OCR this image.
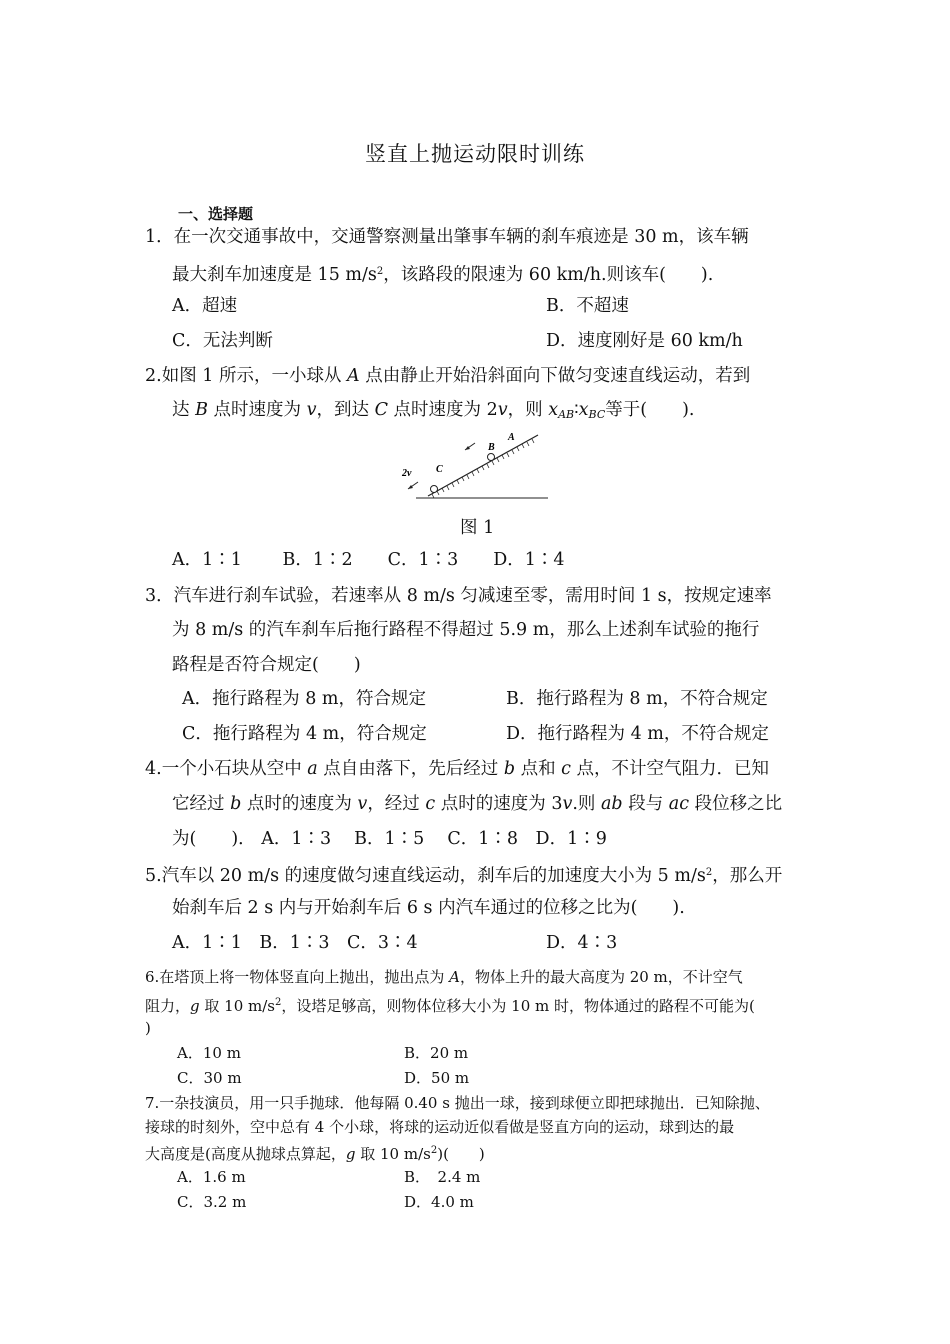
竖直上抛运动限时训练
一、选择题
1．在一次交通事故中，交通警察测量出肇事车辆的刹车痕迹是 30 m，该车辆
最大刹车加速度是 15 $m/s^2$，该路段的限速为 60 km/h.则该车(　　).
A．超速	B．不超速
C．无法判断	D．速度刚好是 60 km/h
2.如图 1 所示，一小球从 A 点由静止开始沿斜面向下做匀变速直线运动，若到
达 B 点时速度为 v，到达 C 点时速度为 2v，则 $x_{AB}∶x_{BC}$等于(　　).
2v C
B
A
图 1
A．1∶1　　 B．1∶2　　C．1∶3　　D．1∶4
3．汽车进行刹车试验，若速率从 8 m/s 匀减速至零，需用时间 1 s，按规定速率
为 8 m/s 的汽车刹车后拖行路程不得超过 5.9 m，那么上述刹车试验的拖行
路程是否符合规定(　　)
A．拖行路程为 8 m，符合规定	B．拖行路程为 8 m，不符合规定
C．拖行路程为 4 m，符合规定	D．拖行路程为 4 m，不符合规定
4.一个小石块从空中 a 点自由落下，先后经过 b 点和 c 点，不计空气阻力．已知
它经过 b 点时的速度为 v，经过 c 点时的速度为 3v.则 ab 段与 ac 段位移之比
为(　　)． A．1∶3　 B．1∶5　 C．1∶8　D．1∶9
5.汽车以 20 m/s 的速度做匀速直线运动，刹车后的加速度大小为 5 $m/s^2$，那么开
始刹车后 2 s 内与开始刹车后 6 s 内汽车通过的位移之比为(　　).
A．1∶1　B．1∶3　C．3∶4	D．4∶3
6.在塔顶上将一物体竖直向上抛出，抛出点为 A，物体上升的最大高度为 20 m，不计空气
阻力，g 取 10 $m/s^2$，设塔足够高，则物体位移大小为 10 m 时，物体通过的路程不可能为(
)
A．10 m	B．20 m
C．30 m	D．50 m
7.一杂技演员，用一只手抛球．他每隔 0.40 s 抛出一球，接到球便立即把球抛出．已知除抛、
接球的时刻外，空中总有 4 个小球，将球的运动近似看做是竖直方向的运动，球到达的最
大高度是(高度从抛球点算起，g 取 10 $m/s^2$)(　　)
A．1.6 m	B．　2.4 m
C．3.2 m	D．4.0 m
